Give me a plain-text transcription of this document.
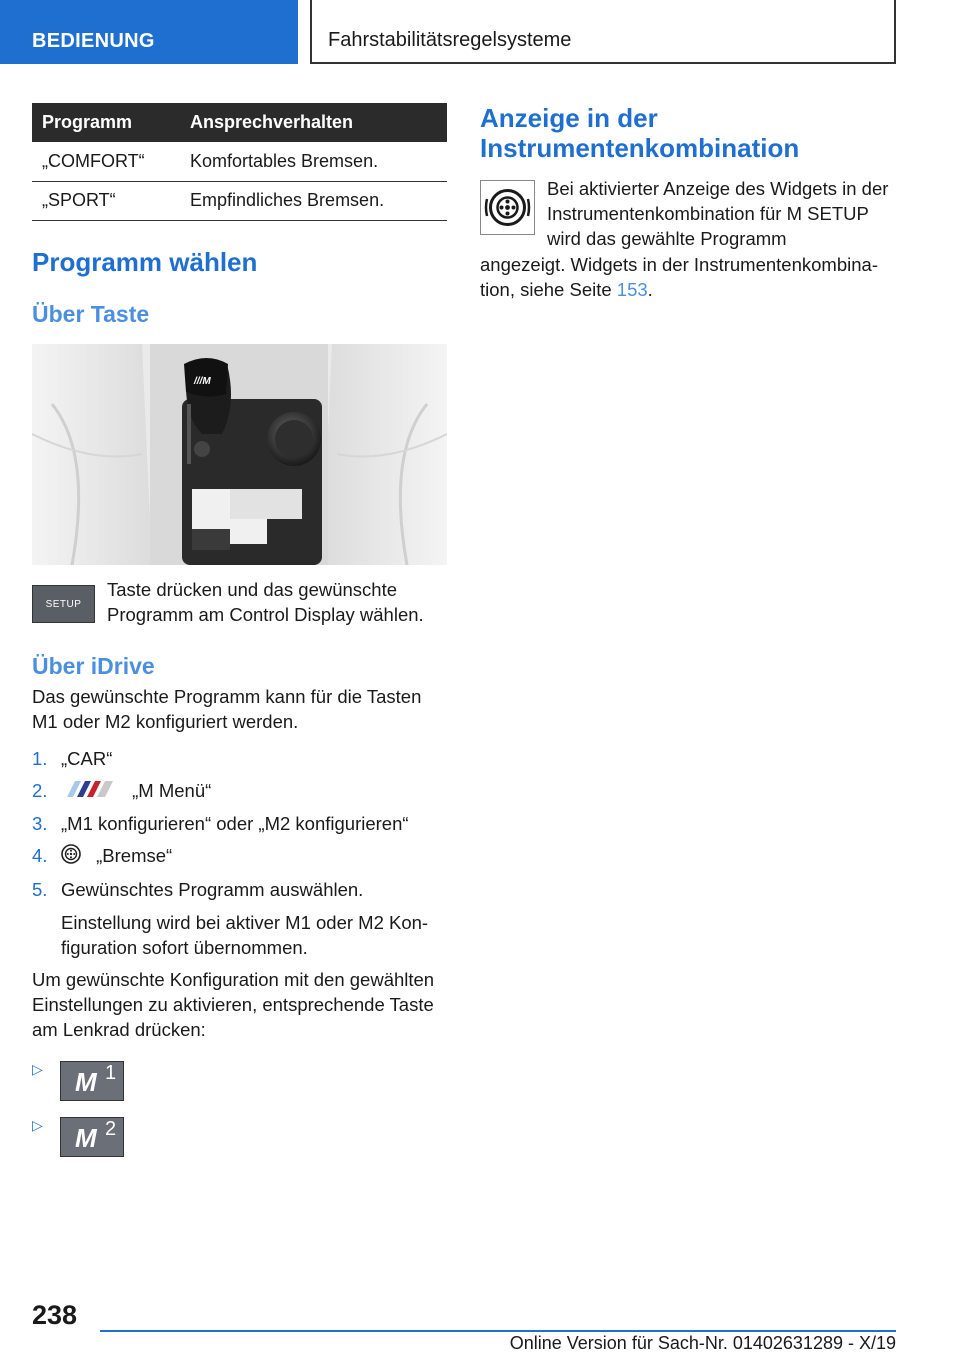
BEDIENUNG	Fahrstabilitätsregelsysteme
Programm	Ansprechverhalten
„COMFORT“	Komfortables Bremsen.
„SPORT“	Empfindliches Bremsen.
Programm wählen
Über Taste
///M
SETUP

Taste drücken und das gewünschte Programm am Control Display wählen.

Über iDrive

Das gewünschte Programm kann für die Tasten M1 oder M2 konfiguriert werden.

1. „CAR“
2.	„M Menü“
3. „M1 konfigurieren“ oder „M2 konfigurieren“
4.	„Bremse“
5. Gewünschtes Programm auswählen.

Einstellung wird bei aktiver M1 oder M2 Konfiguration sofort übernommen.

Um gewünschte Konfiguration mit den gewählten Einstellungen zu aktivieren, entsprechende Taste am Lenkrad drücken:

▷ M 1
▷ M 2
Anzeige in der Instrumentenkombination

Bei aktivierter Anzeige des Widgets in der Instrumentenkombination für M SETUP wird das gewählte Programm

angezeigt. Widgets in der Instrumentenkombination, siehe Seite 153.

238
Online Version für Sach-Nr. 01402631289 - X/19
